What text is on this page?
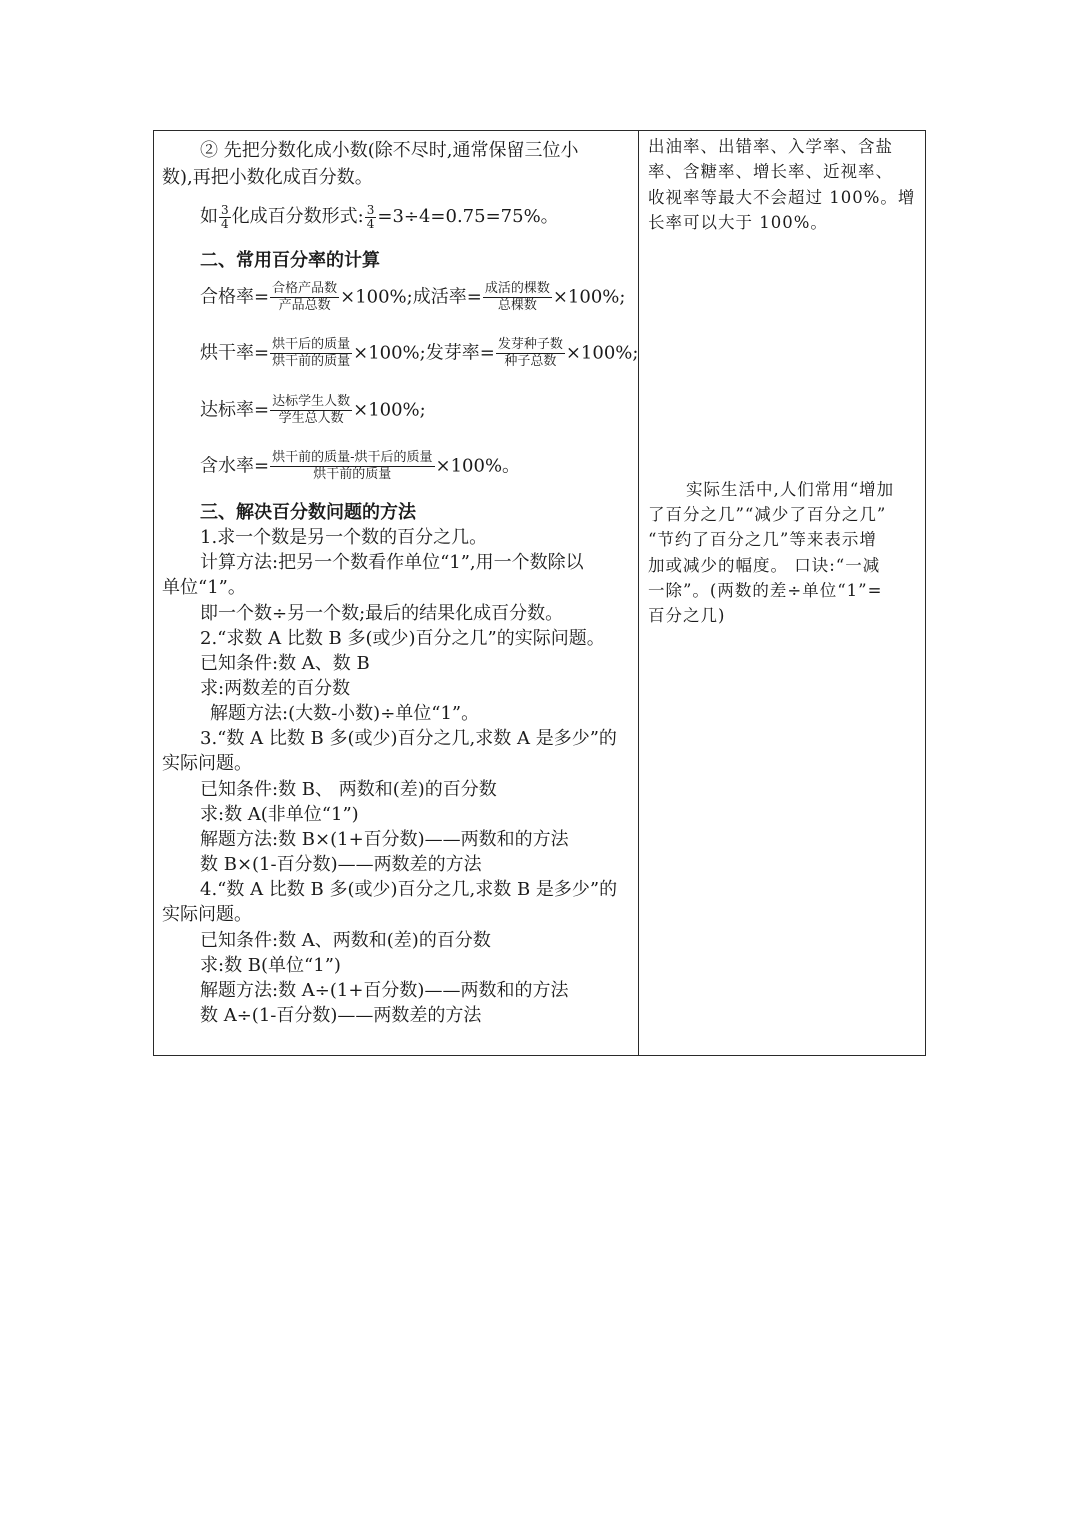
② 先把分数化成小数(除不尽时,通常保留三位小
数),再把小数化成百分数。
如 $\frac{3}{4}$ 化成百分数形式: $\frac{3}{4} =3\div 4=0.75=75\%$。
二、常用百分率的计算
合格率= $\frac{\text{合格产品数}}{\text{产品总数}} \times 100\%$;成活率= $\frac{\text{成活的棵数}}{\text{总棵数}} \times 100\%$;
烘干率= $\frac{\text{烘干后的质量}}{\text{烘干前的质量}} \times 100\%$;发芽率= $\frac{\text{发芽种子数}}{\text{种子总数}} \times 100\%$;
达标率= $\frac{\text{达标学生人数}}{\text{学生总人数}} \times 100\%$;
含水率= $\frac{\text{烘干前的质量-烘干后的质量}}{\text{烘干前的质量}} \times 100\%$。
三、解决百分数问题的方法
1.求一个数是另一个数的百分之几。
计算方法:把另一个数看作单位“1”,用一个数除以
单位“1”。
即一个数÷另一个数;最后的结果化成百分数。
2.“求数 A 比数 B 多(或少)百分之几”的实际问题。
已知条件:数 A、数 B
求:两数差的百分数
解题方法:(大数-小数)÷单位“1”。
3.“数 A 比数 B 多(或少)百分之几,求数 A 是多少”的
实际问题。
已知条件:数 B、 两数和(差)的百分数
求:数 A(非单位“1”)
解题方法:数 B×(1+百分数)——两数和的方法
数 B×(1-百分数)——两数差的方法
4.“数 A 比数 B 多(或少)百分之几,求数 B 是多少”的
实际问题。
已知条件:数 A、两数和(差)的百分数
求:数 B(单位“1”)
解题方法:数 A÷(1+百分数)——两数和的方法
数 A÷(1-百分数)——两数差的方法
出油率、出错率、入学率、含盐
率、含糖率、增长率、近视率、
收视率等最大不会超过 100%。增
长率可以大于 100%。
实际生活中,人们常用“增加
了百分之几”“减少了百分之几”
“节约了百分之几”等来表示增
加或减少的幅度。 口诀:“一减
一除”。(两数的差÷单位“1”=
百分之几)
